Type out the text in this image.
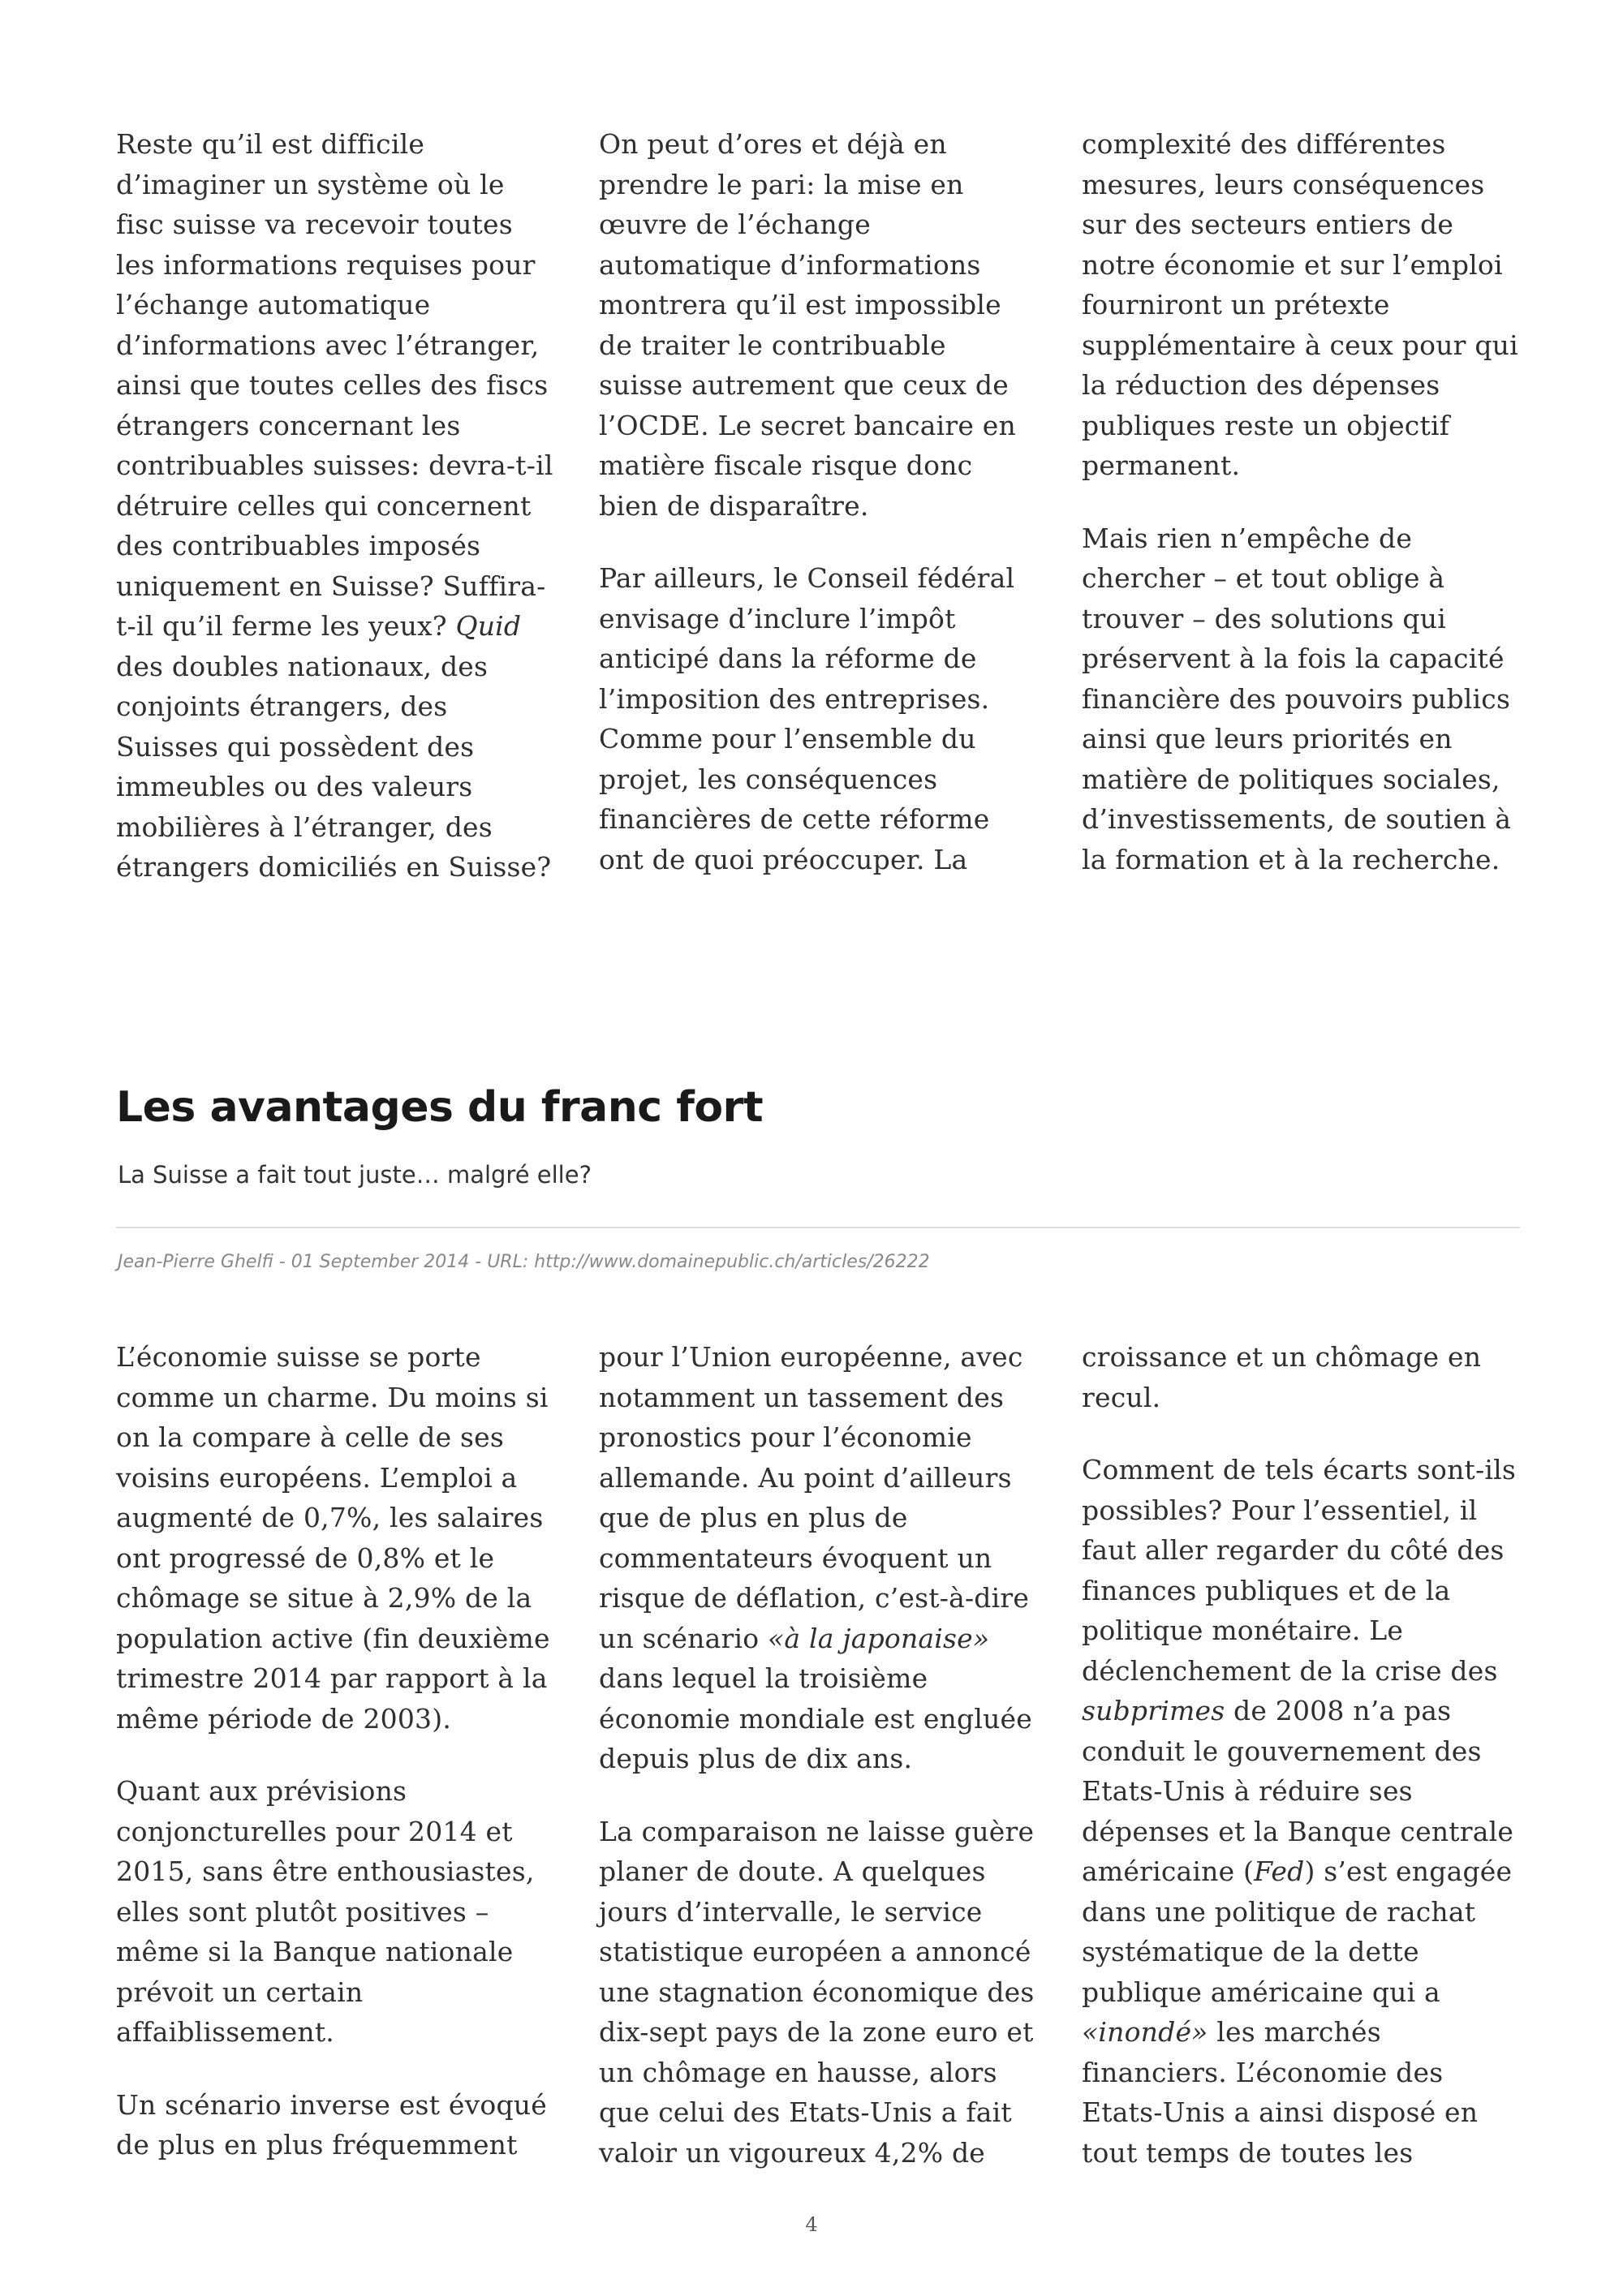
Reste qu’il est difficile d’imaginer un système où le fisc suisse va recevoir toutes les informations requises pour l’échange automatique d’informations avec l’étranger, ainsi que toutes celles des fiscs étrangers concernant les contribuables suisses: devra-t-il détruire celles qui concernent des contribuables imposés uniquement en Suisse? Suffira-t-il qu’il ferme les yeux? Quid des doubles nationaux, des conjoints étrangers, des Suisses qui possèdent des immeubles ou des valeurs mobilières à l’étranger, des étrangers domiciliés en Suisse?

On peut d’ores et déjà en prendre le pari: la mise en œuvre de l’échange automatique d’informations montrera qu’il est impossible de traiter le contribuable suisse autrement que ceux de l’OCDE. Le secret bancaire en matière fiscale risque donc bien de disparaître.

Par ailleurs, le Conseil fédéral envisage d’inclure l’impôt anticipé dans la réforme de l’imposition des entreprises. Comme pour l’ensemble du projet, les conséquences financières de cette réforme ont de quoi préoccuper. La

complexité des différentes mesures, leurs conséquences sur des secteurs entiers de notre économie et sur l’emploi fourniront un prétexte supplémentaire à ceux pour qui la réduction des dépenses publiques reste un objectif permanent.

Mais rien n’empêche de chercher – et tout oblige à trouver – des solutions qui préservent à la fois la capacité financière des pouvoirs publics ainsi que leurs priorités en matière de politiques sociales, d’investissements, de soutien à la formation et à la recherche.

Les avantages du franc fort

La Suisse a fait tout juste… malgré elle?

Jean-Pierre Ghelfi - 01 September 2014 - URL: http://www.domainepublic.ch/articles/26222

L’économie suisse se porte comme un charme. Du moins si on la compare à celle de ses voisins européens. L’emploi a augmenté de 0,7%, les salaires ont progressé de 0,8% et le chômage se situe à 2,9% de la population active (fin deuxième trimestre 2014 par rapport à la même période de 2003).

Quant aux prévisions conjoncturelles pour 2014 et 2015, sans être enthousiastes, elles sont plutôt positives – même si la Banque nationale prévoit un certain affaiblissement.

Un scénario inverse est évoqué de plus en plus fréquemment

pour l’Union européenne, avec notamment un tassement des pronostics pour l’économie allemande. Au point d’ailleurs que de plus en plus de commentateurs évoquent un risque de déflation, c’est-à-dire un scénario «à la japonaise» dans lequel la troisième économie mondiale est engluée depuis plus de dix ans.

La comparaison ne laisse guère planer de doute. A quelques jours d’intervalle, le service statistique européen a annoncé une stagnation économique des dix-sept pays de la zone euro et un chômage en hausse, alors que celui des Etats-Unis a fait valoir un vigoureux 4,2% de

croissance et un chômage en recul.

Comment de tels écarts sont-ils possibles? Pour l’essentiel, il faut aller regarder du côté des finances publiques et de la politique monétaire. Le déclenchement de la crise des subprimes de 2008 n’a pas conduit le gouvernement des Etats-Unis à réduire ses dépenses et la Banque centrale américaine (Fed) s’est engagée dans une politique de rachat systématique de la dette publique américaine qui a «inondé» les marchés financiers. L’économie des Etats-Unis a ainsi disposé en tout temps de toutes les

4
